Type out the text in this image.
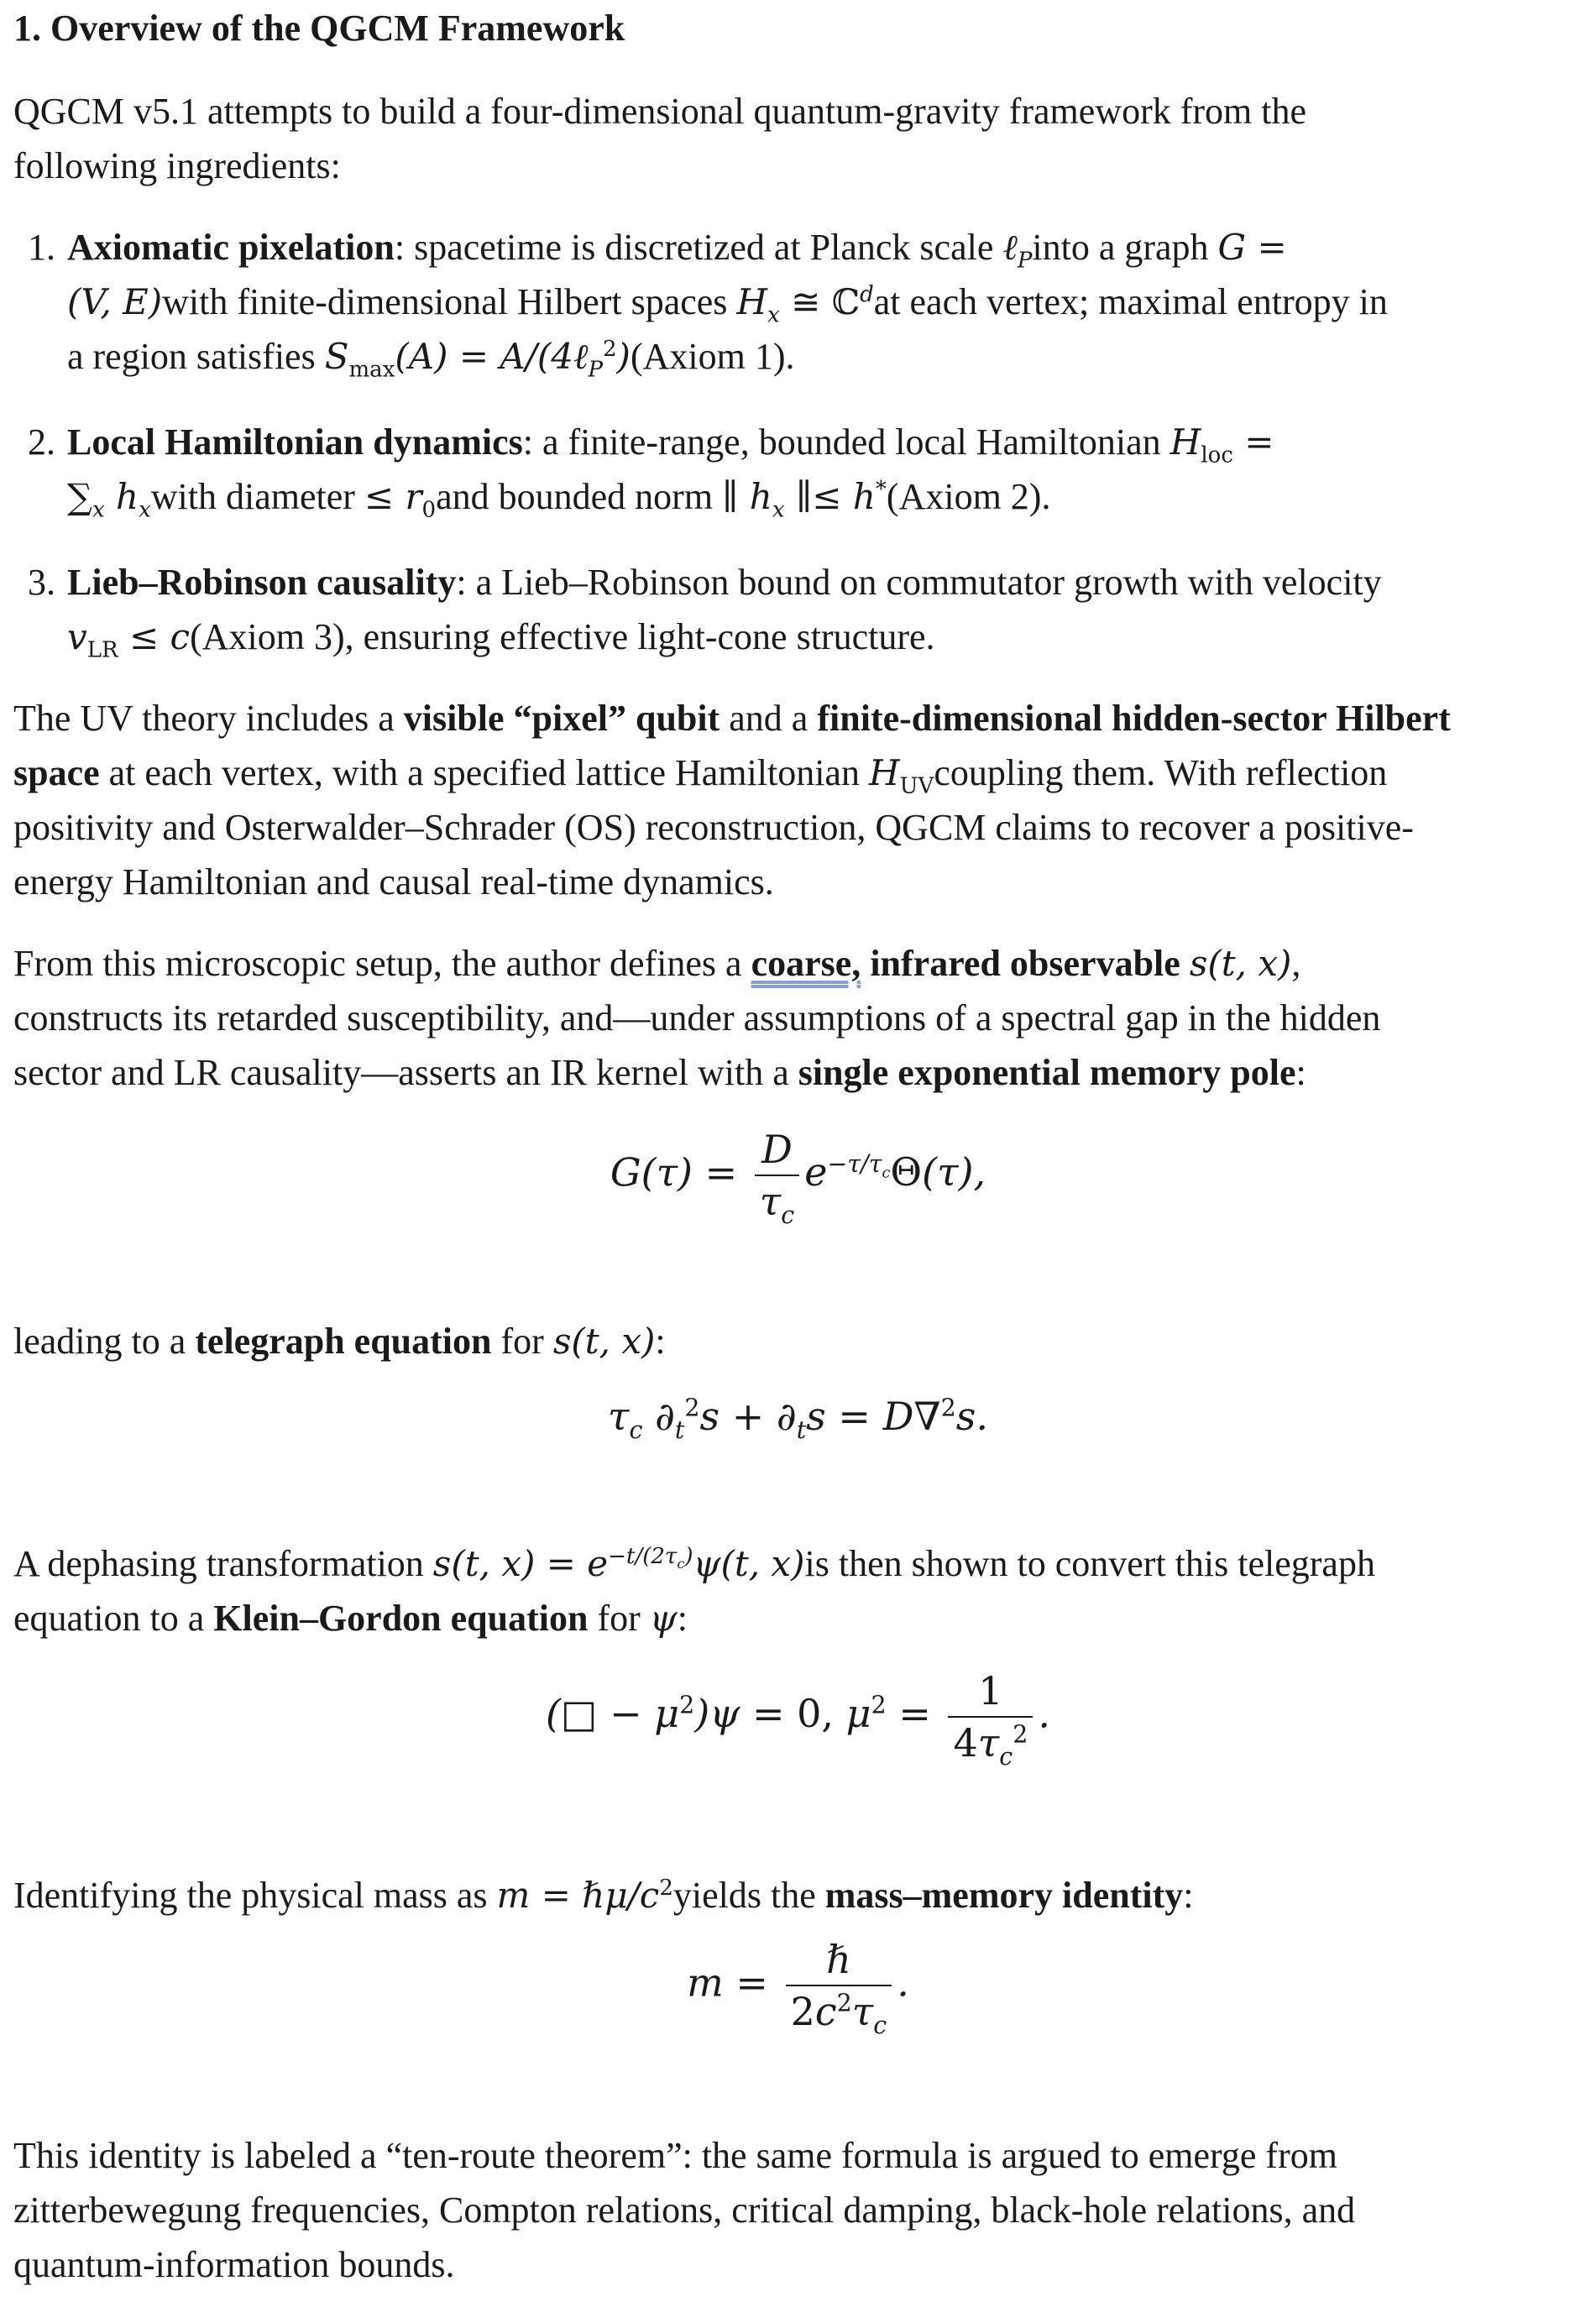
1. Overview of the QGCM Framework

QGCM v5.1 attempts to build a four-dimensional quantum-gravity framework from the

following ingredients:

1. Axiomatic pixelation: spacetime is discretized at Planck scale ℓ$_P$into a graph G =
(V, E)with finite-dimensional Hilbert spaces $H_x$ ≅ ℂ$^d$at each vertex; maximal entropy in
a region satisfies $S_{max}(A)$ = A/(4ℓ$_P^2$)(Axiom 1).
2. Local Hamiltonian dynamics: a finite-range, bounded local Hamiltonian $H_{loc}$ =
$\sum_x$ $h_xwith$ diameter ≤ $r_0and$ bounded norm ∥ $h_x$ ∥≤ h*(Axiom 2).
3. Lieb–Robinson causality: a Lieb–Robinson bound on commutator growth with velocity
$v_{LR}$ ≤ c(Axiom 3), ensuring effective light-cone structure.

The UV theory includes a visible “pixel” qubit and a finite-dimensional hidden-sector Hilbert

space at each vertex, with a specified lattice Hamiltonian $H_{UV}coupling$ them. With reflection

positivity and Osterwalder–Schrader (OS) reconstruction, QGCM claims to recover a positive-

energy Hamiltonian and causal real-time dynamics.

From this microscopic setup, the author defines a coarse, infrared observable s(t, x),

constructs its retarded susceptibility, and—under assumptions of a spectral gap in the hidden

sector and LR causality—asserts an IR kernel with a single exponential memory pole:

$G(\tau) = \frac{D}{\tau_c} e^{-\tau/\tau_c}\Theta(\tau)$,

leading to a telegraph equation for s(t, x):

$\tau_c$ $\partial_t^2s + \partial_ts = D\nabla^2s$.

A dephasing transformation s(t, $x) = e^{-t/(2\tau_c)}\psi(t$, x)is then shown to convert this telegraph

equation to a Klein–Gordon equation for ψ:

(□ − $\mu^2)\psi = 0$, $\mu^2 = \frac{1}{4\tau_c^2}$ .

Identifying the physical mass as $m = \hbar\mu/c^2yields$ the mass–memory identity:

$m = \frac{\text{ℏ}}{2c^2\tau_c}$ .

This identity is labeled a “ten-route theorem”: the same formula is argued to emerge from

zitterbewegung frequencies, Compton relations, critical damping, black-hole relations, and

quantum-information bounds.
